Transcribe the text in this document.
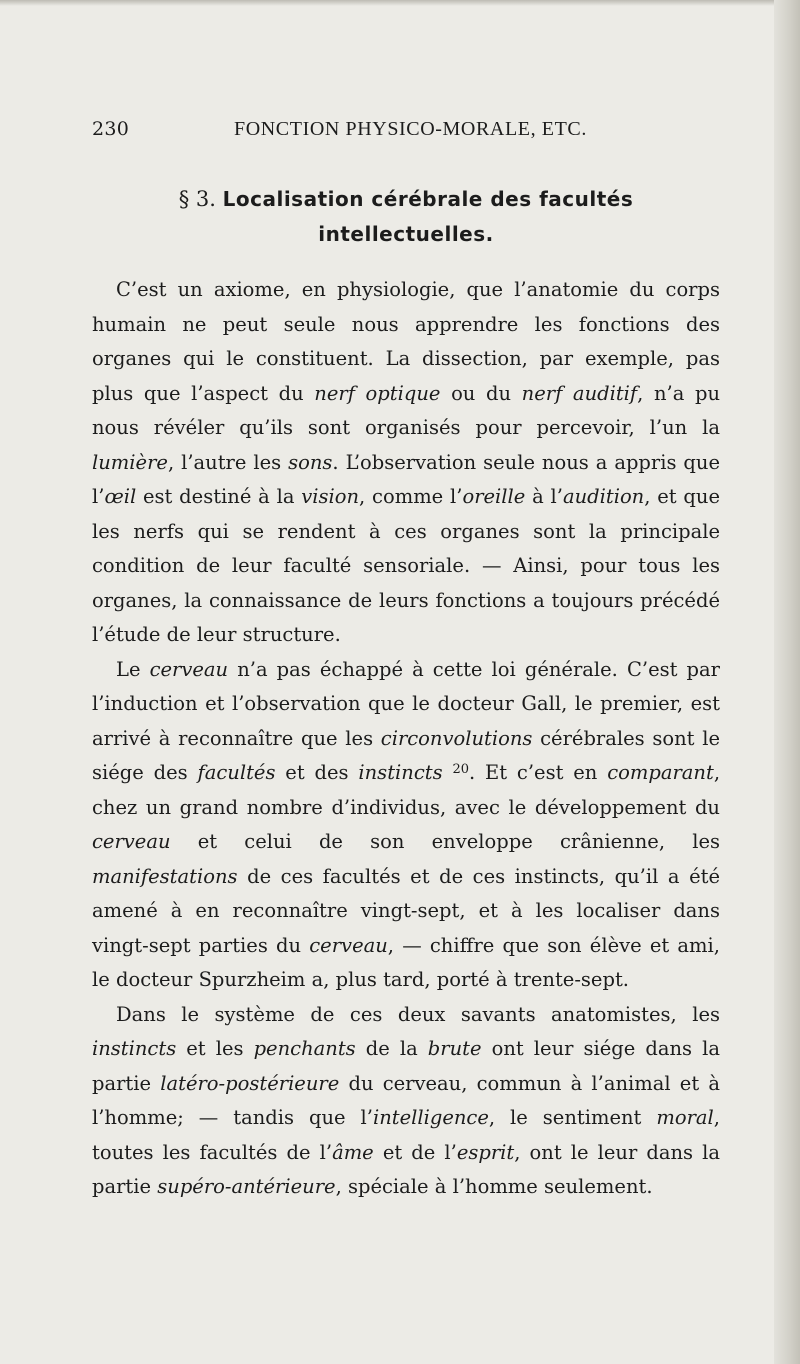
230	FONCTION PHYSICO-MORALE, ETC.
§ 3. Localisation cérébrale des facultés
intellectuelles.

C’est un axiome, en physiologie, que l’anatomie du corps humain ne peut seule nous apprendre les fonctions des organes qui le constituent. La dissection, par exemple, pas plus que l’aspect du nerf optique ou du nerf auditif, n’a pu nous révéler qu’ils sont organisés pour percevoir, l’un la lumière, l’autre les sons. L’observation seule nous a appris que l’œil est destiné à la vision, comme l’oreille à l’audition, et que les nerfs qui se rendent à ces organes sont la principale condition de leur faculté sensoriale. — Ainsi, pour tous les organes, la connaissance de leurs fonctions a toujours précédé l’étude de leur structure.

Le cerveau n’a pas échappé à cette loi générale. C’est par l’induction et l’observation que le docteur Gall, le premier, est arrivé à reconnaître que les circonvolutions cérébrales sont le siége des facultés et des instincts $^{20}$. Et c’est en comparant, chez un grand nombre d’individus, avec le développement du cerveau et celui de son enveloppe crânienne, les manifestations de ces facultés et de ces instincts, qu’il a été amené à en reconnaître vingt-sept, et à les localiser dans vingt-sept parties du cerveau, — chiffre que son élève et ami, le docteur Spurzheim a, plus tard, porté à trente-sept.

Dans le système de ces deux savants anatomistes, les instincts et les penchants de la brute ont leur siége dans la partie latéro-postérieure du cerveau, commun à l’animal et à l’homme; — tandis que l’intelligence, le sentiment moral, toutes les facultés de l’âme et de l’esprit, ont le leur dans la partie supéro-antérieure, spéciale à l’homme seulement.
